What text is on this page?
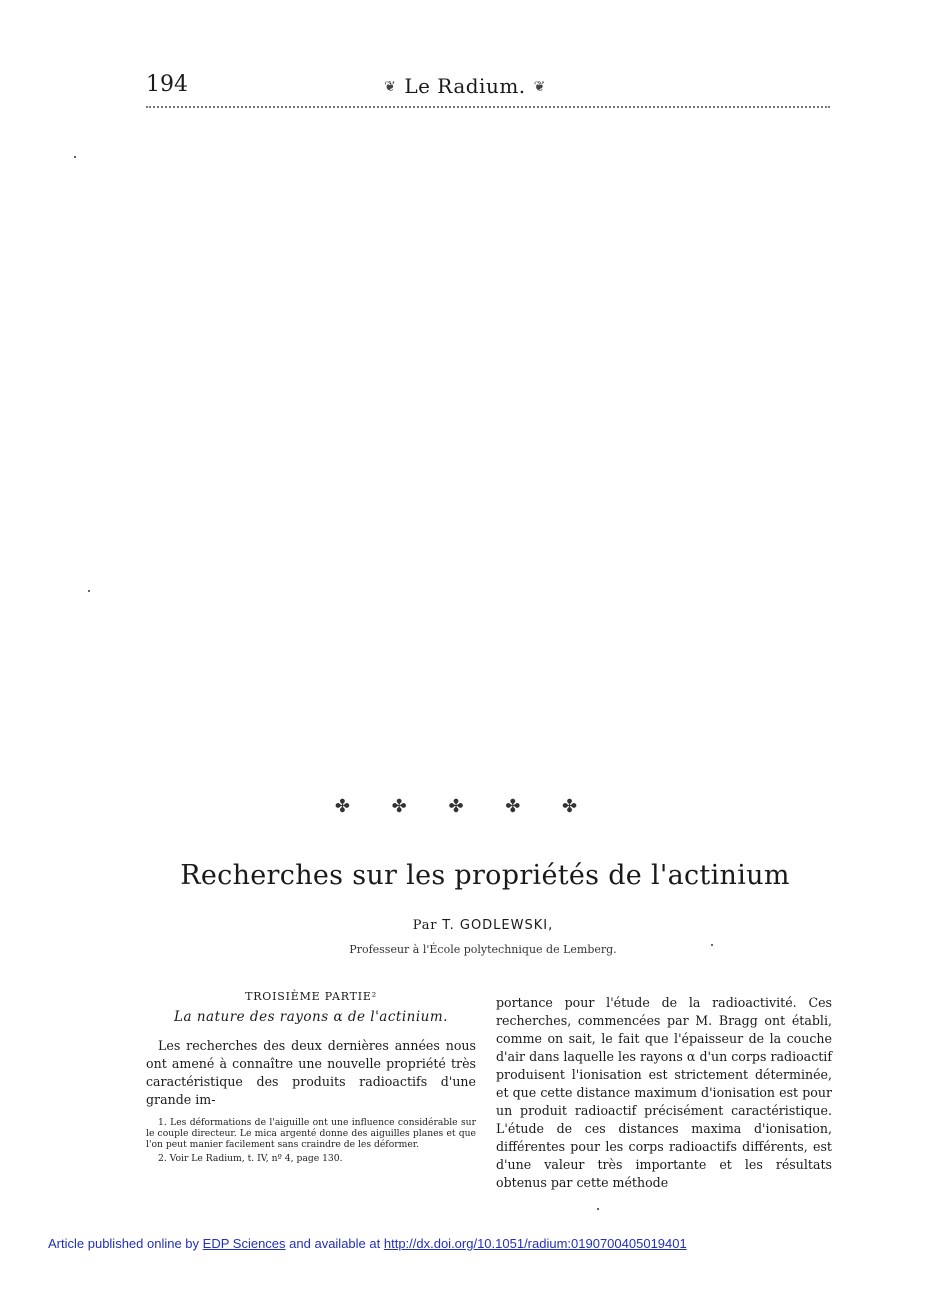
194	❦ Le Radium. ❦
✤ ✤ ✤ ✤ ✤
Recherches sur les propriétés de l'actinium
Par T. GODLEWSKI,
Professeur à l'École polytechnique de Lemberg.
TROISIÈME PARTIE²
La nature des rayons α de l'actinium.

Les recherches des deux dernières années nous ont amené à connaître une nouvelle propriété très caractéristique des produits radioactifs d'une grande im-

1. Les déformations de l'aiguille ont une influence considérable sur le couple directeur. Le mica argenté donne des aiguilles planes et que l'on peut manier facilement sans craindre de les déformer.

2. Voir Le Radium, t. IV, nº 4, page 130.

portance pour l'étude de la radioactivité. Ces recherches, commencées par M. Bragg ont établi, comme on sait, le fait que l'épaisseur de la couche d'air dans laquelle les rayons α d'un corps radioactif produisent l'ionisation est strictement déterminée, et que cette distance maximum d'ionisation est pour un produit radioactif précisément caractéristique. L'étude de ces distances maxima d'ionisation, différentes pour les corps radioactifs différents, est d'une valeur très importante et les résultats obtenus par cette méthode

Article published online by EDP Sciences and available at http://dx.doi.org/10.1051/radium:0190700405019401
